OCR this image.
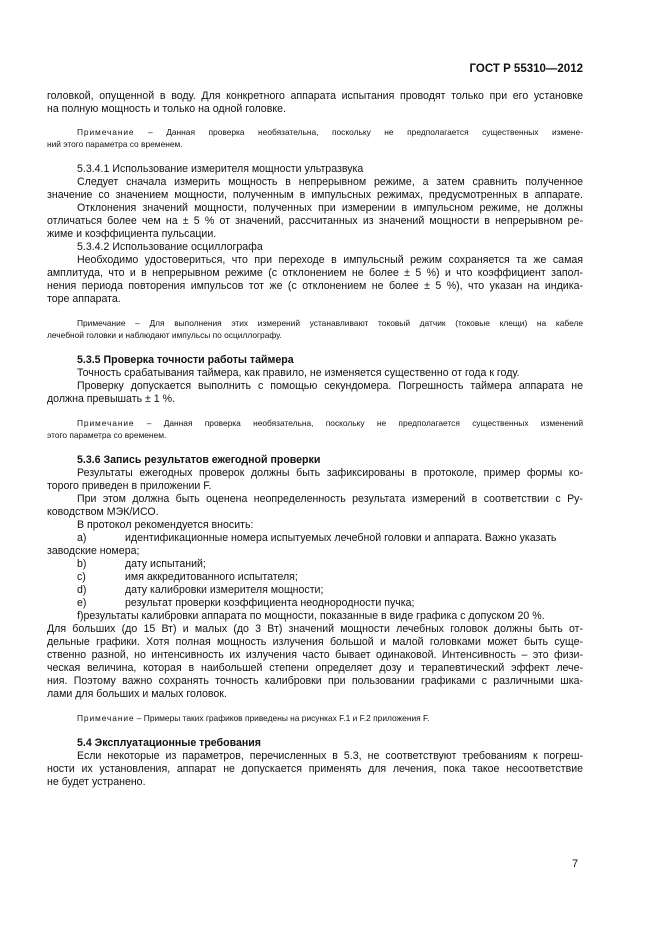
ГОСТ Р 55310—2012
головкой, опущенной в воду. Для конкретного аппарата испытания проводят только при его установке
на полную мощность и только на одной головке.
Примечание – Данная проверка необязательна, поскольку не предполагается существенных измене-
ний этого параметра со временем.
5.3.4.1 Использование измерителя мощности ультразвука
Следует сначала измерить мощность в непрерывном режиме, а затем сравнить полученное
значение со значением мощности, полученным в импульсных режимах, предусмотренных в аппарате.
Отклонения значений мощности, полученных при измерении в импульсном режиме, не должны
отличаться более чем на ± 5 % от значений, рассчитанных из значений мощности в непрерывном ре-
жиме и коэффициента пульсации.
5.3.4.2 Использование осциллографа
Необходимо удостовериться, что при переходе в импульсный режим сохраняется та же самая
амплитуда, что и в непрерывном режиме (с отклонением не более ± 5 %) и что коэффициент запол-
нения периода повторения импульсов тот же (с отклонением не более ± 5 %), что указан на индика-
торе аппарата.
Примечание – Для выполнения этих измерений устанавливают токовый датчик (токовые клещи) на кабеле
лечебной головки и наблюдают импульсы по осциллографу.
5.3.5 Проверка точности работы таймера
Точность срабатывания таймера, как правило, не изменяется существенно от года к году.
Проверку допускается выполнить с помощью секундомера. Погрешность таймера аппарата не
должна превышать ± 1 %.
Примечание – Данная проверка необязательна, поскольку не предполагается существенных изменений
этого параметра со временем.
5.3.6 Запись результатов ежегодной проверки
Результаты ежегодных проверок должны быть зафиксированы в протоколе, пример формы ко-
торого приведен в приложении F.
При этом должна быть оценена неопределенность результата измерений в соответствии с Ру-
ководством МЭК/ИСО.
В протокол рекомендуется вносить:
a)	идентификационные номера испытуемых лечебной головки и аппарата. Важно указать
заводские номера;
b)	дату испытаний;
c)	имя аккредитованного испытателя;
d)	дату калибровки измерителя мощности;
e)	результат проверки коэффициента неоднородности пучка;
f)результаты калибровки аппарата по мощности, показанные в виде графика с допуском 20 %.
Для больших (до 15 Вт) и малых (до 3 Вт) значений мощности лечебных головок должны быть от-
дельные графики. Хотя полная мощность излучения большой и малой головками может быть суще-
ственно разной, но интенсивность их излучения часто бывает одинаковой. Интенсивность – это физи-
ческая величина, которая в наибольшей степени определяет дозу и терапевтический эффект лече-
ния. Поэтому важно сохранять точность калибровки при пользовании графиками с различными шка-
лами для больших и малых головок.
Примечание – Примеры таких графиков приведены на рисунках F.1 и F.2 приложения F.
5.4 Эксплуатационные требования
Если некоторые из параметров, перечисленных в 5.3, не соответствуют требованиям к погреш-
ности их установления, аппарат не допускается применять для лечения, пока такое несоответствие
не будет устранено.
7
